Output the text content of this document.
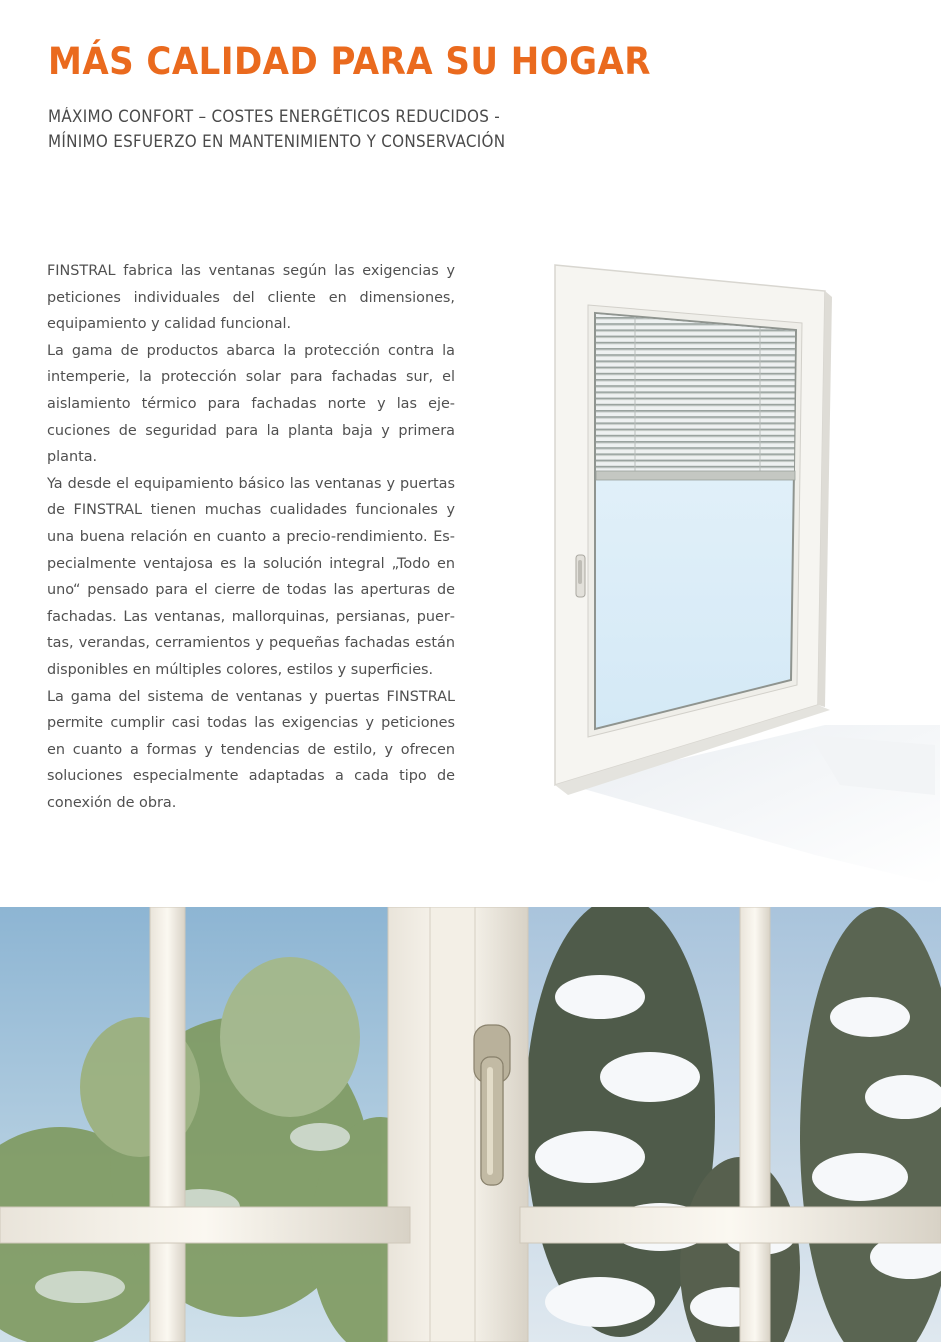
MÁS CALIDAD PARA SU HOGAR
MÁXIMO CONFORT – COSTES ENERGÉTICOS REDUCIDOS -
MÍNIMO ESFUERZO EN MANTENIMIENTO Y CONSERVACIÓN

FINSTRAL fabrica las ventanas según las exigencias y peticiones individuales del cliente en dimensiones, equipamiento y calidad funcional.

La gama de productos abarca la protección contra la intemperie, la protección solar para fachadas sur, el aislamiento térmico para fachadas norte y las ejecuciones de seguridad para la planta baja y primera planta.

Ya desde el equipamiento básico las ventanas y puertas de FINSTRAL tienen muchas cualidades funcionales y una buena relación en cuanto a precio-rendimiento. Especialmente ventajosa es la solución integral „Todo en uno“ pensado para el cierre de todas las aperturas de fachadas. Las ventanas, mallorquinas, persianas, puertas, verandas, cerramientos y pequeñas fachadas están disponibles en múltiples colores, estilos y superficies.

La gama del sistema de ventanas y puertas FINSTRAL permite cumplir casi todas las exigencias y peticiones en cuanto a formas y tendencias de estilo, y ofrecen soluciones especialmente adaptadas a cada tipo de conexión de obra.
